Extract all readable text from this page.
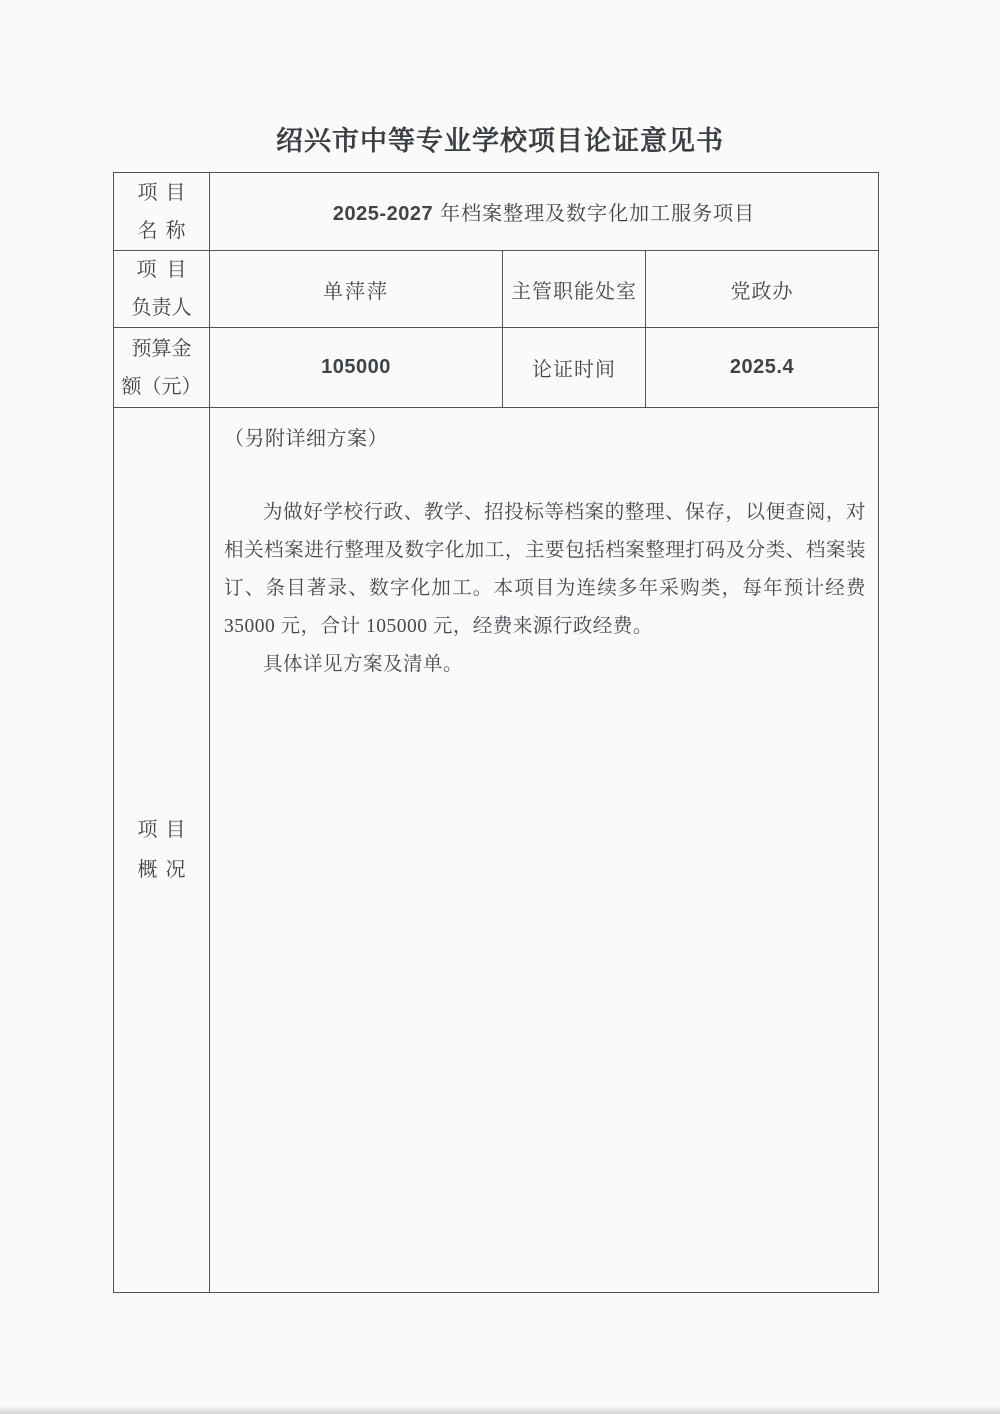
绍兴市中等专业学校项目论证意见书
项目
名称	2025-2027 年档案整理及数字化加工服务项目		

项目
负责人	单萍萍	主管职能处室	党政办

预算金
额（元）	105000	论证时间	2025.4

项目
概况

（另附详细方案）

为做好学校行政、教学、招投标等档案的整理、保存，以便查阅，对相关档案进行整理及数字化加工，主要包括档案整理打码及分类、档案装订、条目著录、数字化加工。本项目为连续多年采购类，每年预计经费 35000 元，合计 105000 元，经费来源行政经费。

具体详见方案及清单。
